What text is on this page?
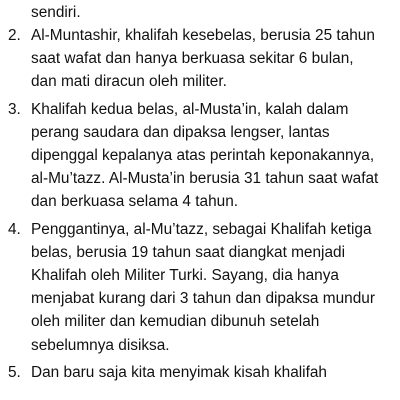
sendiri.

2. Al-Muntashir, khalifah kesebelas, berusia 25 tahun
saat wafat dan hanya berkuasa sekitar 6 bulan,
dan mati diracun oleh militer.
3. Khalifah kedua belas, al-Musta’in, kalah dalam
perang saudara dan dipaksa lengser, lantas
dipenggal kepalanya atas perintah keponakannya,
al-Mu’tazz. Al-Musta’in berusia 31 tahun saat wafat
dan berkuasa selama 4 tahun.
4. Penggantinya, al-Mu’tazz, sebagai Khalifah ketiga
belas, berusia 19 tahun saat diangkat menjadi
Khalifah oleh Militer Turki. Sayang, dia hanya
menjabat kurang dari 3 tahun dan dipaksa mundur
oleh militer dan kemudian dibunuh setelah
sebelumnya disiksa.
5. Dan baru saja kita menyimak kisah khalifah
